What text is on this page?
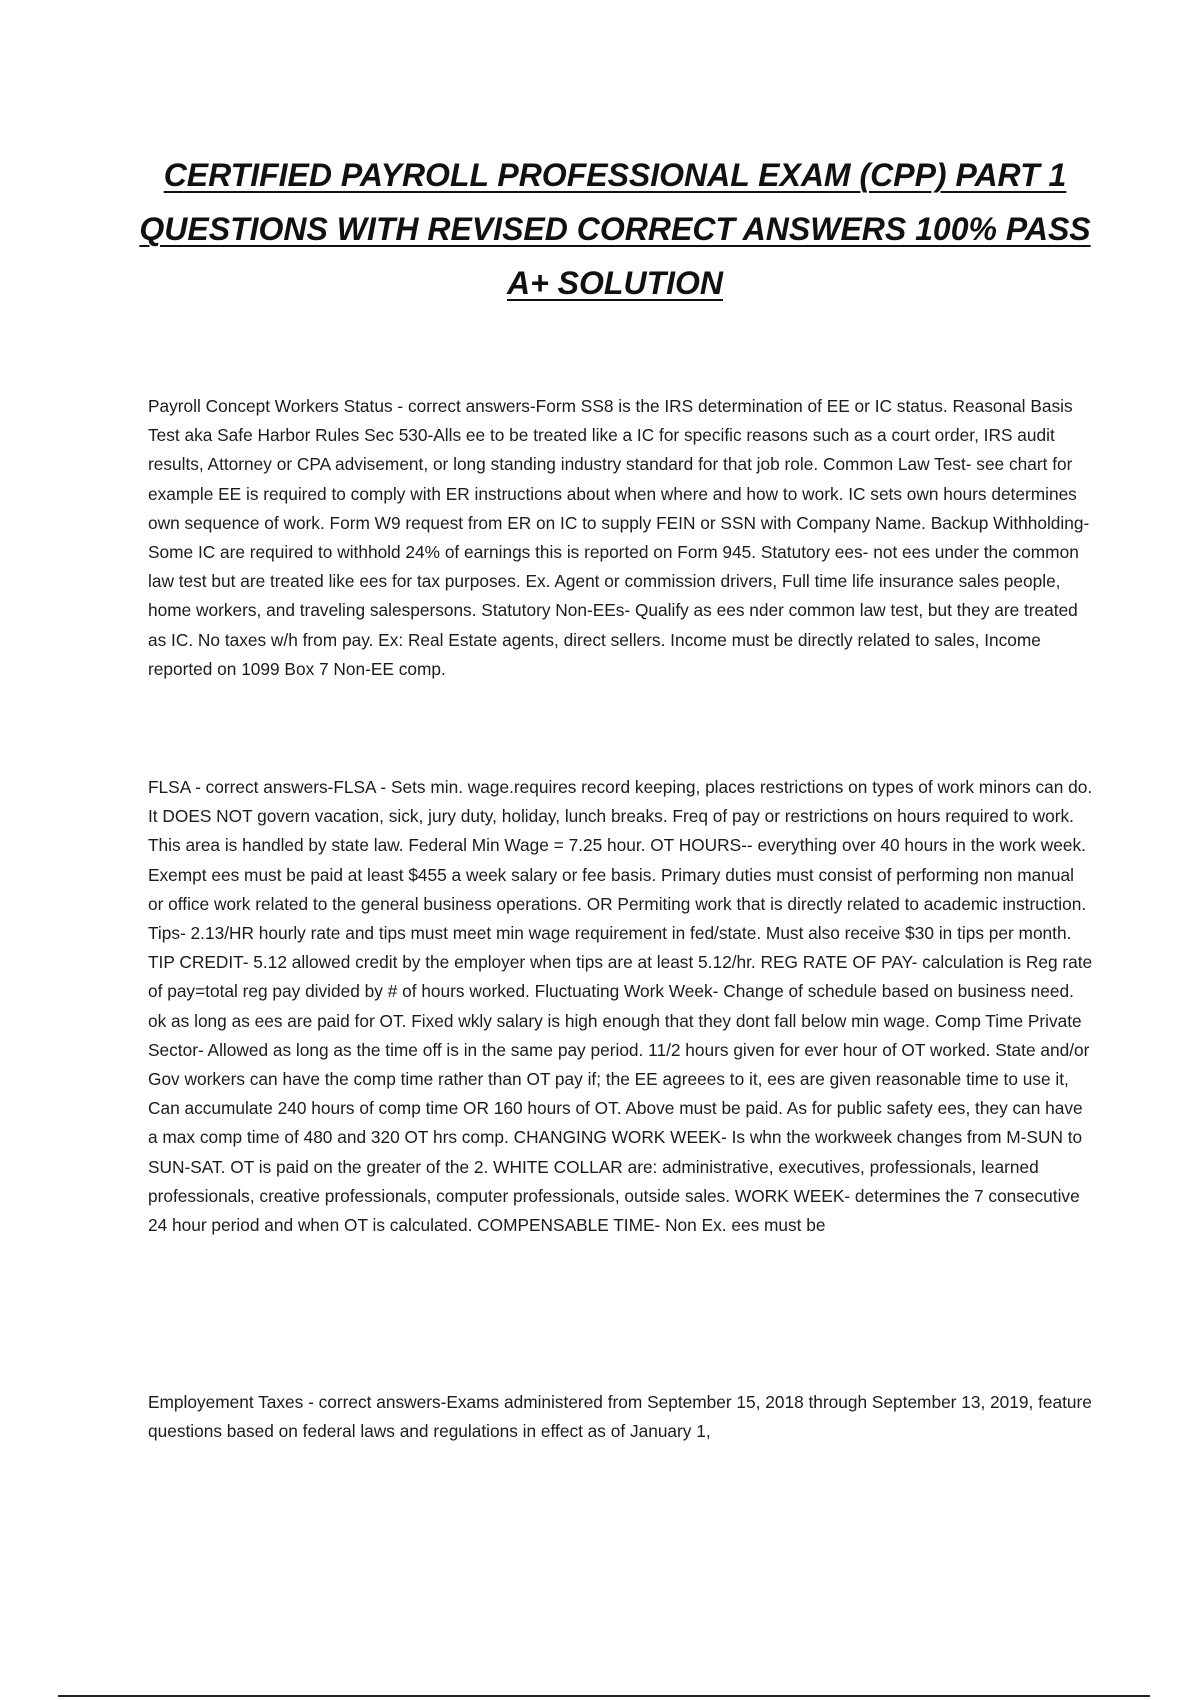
CERTIFIED PAYROLL PROFESSIONAL EXAM (CPP) PART 1 QUESTIONS WITH REVISED CORRECT ANSWERS 100% PASS A+ SOLUTION

Payroll Concept Workers Status - correct answers-Form SS8 is the IRS determination of EE or IC status. Reasonal Basis Test aka Safe Harbor Rules Sec 530-Alls ee to be treated like a IC for specific reasons such as a court order, IRS audit results, Attorney or CPA advisement, or long standing industry standard for that job role. Common Law Test- see chart for example EE is required to comply with ER instructions about when where and how to work. IC sets own hours determines own sequence of work. Form W9 request from ER on IC to supply FEIN or SSN with Company Name. Backup Withholding- Some IC are required to withhold 24% of earnings this is reported on Form 945. Statutory ees- not ees under the common law test but are treated like ees for tax purposes. Ex. Agent or commission drivers, Full time life insurance sales people, home workers, and traveling salespersons. Statutory Non-EEs- Qualify as ees nder common law test, but they are treated as IC. No taxes w/h from pay. Ex: Real Estate agents, direct sellers. Income must be directly related to sales, Income reported on 1099 Box 7 Non-EE comp.

FLSA - correct answers-FLSA - Sets min. wage.requires record keeping, places restrictions on types of work minors can do. It DOES NOT govern vacation, sick, jury duty, holiday, lunch breaks. Freq of pay or restrictions on hours required to work. This area is handled by state law. Federal Min Wage = 7.25 hour. OT HOURS-- everything over 40 hours in the work week. Exempt ees must be paid at least $455 a week salary or fee basis. Primary duties must consist of performing non manual or office work related to the general business operations. OR Permiting work that is directly related to academic instruction. Tips- 2.13/HR hourly rate and tips must meet min wage requirement in fed/state. Must also receive $30 in tips per month. TIP CREDIT- 5.12 allowed credit by the employer when tips are at least 5.12/hr. REG RATE OF PAY- calculation is Reg rate of pay=total reg pay divided by # of hours worked. Fluctuating Work Week- Change of schedule based on business need. ok as long as ees are paid for OT. Fixed wkly salary is high enough that they dont fall below min wage. Comp Time Private Sector- Allowed as long as the time off is in the same pay period. 11/2 hours given for ever hour of OT worked. State and/or Gov workers can have the comp time rather than OT pay if; the EE agreees to it, ees are given reasonable time to use it, Can accumulate 240 hours of comp time OR 160 hours of OT. Above must be paid. As for public safety ees, they can have a max comp time of 480 and 320 OT hrs comp. CHANGING WORK WEEK- Is whn the workweek changes from M-SUN to SUN-SAT. OT is paid on the greater of the 2. WHITE COLLAR are: administrative, executives, professionals, learned professionals, creative professionals, computer professionals, outside sales. WORK WEEK- determines the 7 consecutive 24 hour period and when OT is calculated. COMPENSABLE TIME- Non Ex. ees must be

Employement Taxes - correct answers-Exams administered from September 15, 2018 through September 13, 2019, feature questions based on federal laws and regulations in effect as of January 1,
